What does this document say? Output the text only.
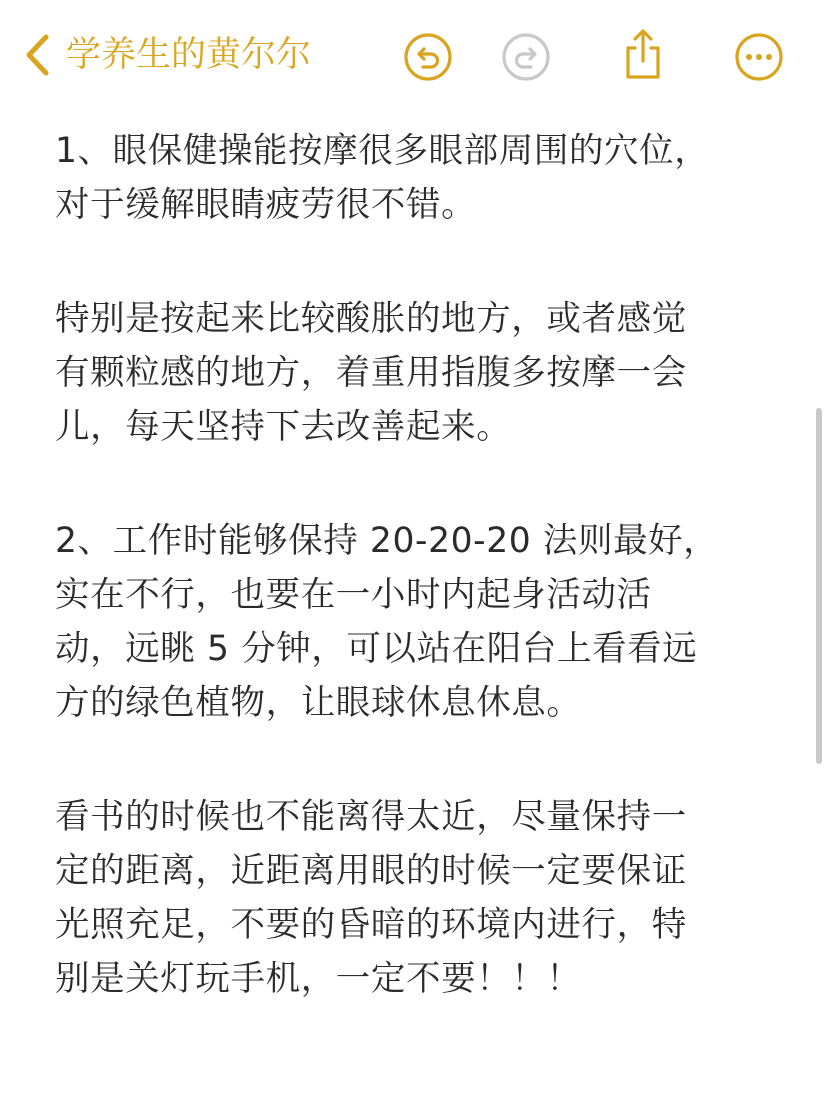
学养生的黄尔尔

1、眼保健操能按摩很多眼部周围的穴位，
对于缓解眼睛疲劳很不错。

特别是按起来比较酸胀的地方，或者感觉
有颗粒感的地方，着重用指腹多按摩一会
儿，每天坚持下去改善起来。

2、工作时能够保持 20-20-20 法则最好，
实在不行，也要在一小时内起身活动活
动，远眺 5 分钟，可以站在阳台上看看远
方的绿色植物，让眼球休息休息。

看书的时候也不能离得太近，尽量保持一
定的距离，近距离用眼的时候一定要保证
光照充足，不要的昏暗的环境内进行，特
别是关灯玩手机，一定不要！！！
